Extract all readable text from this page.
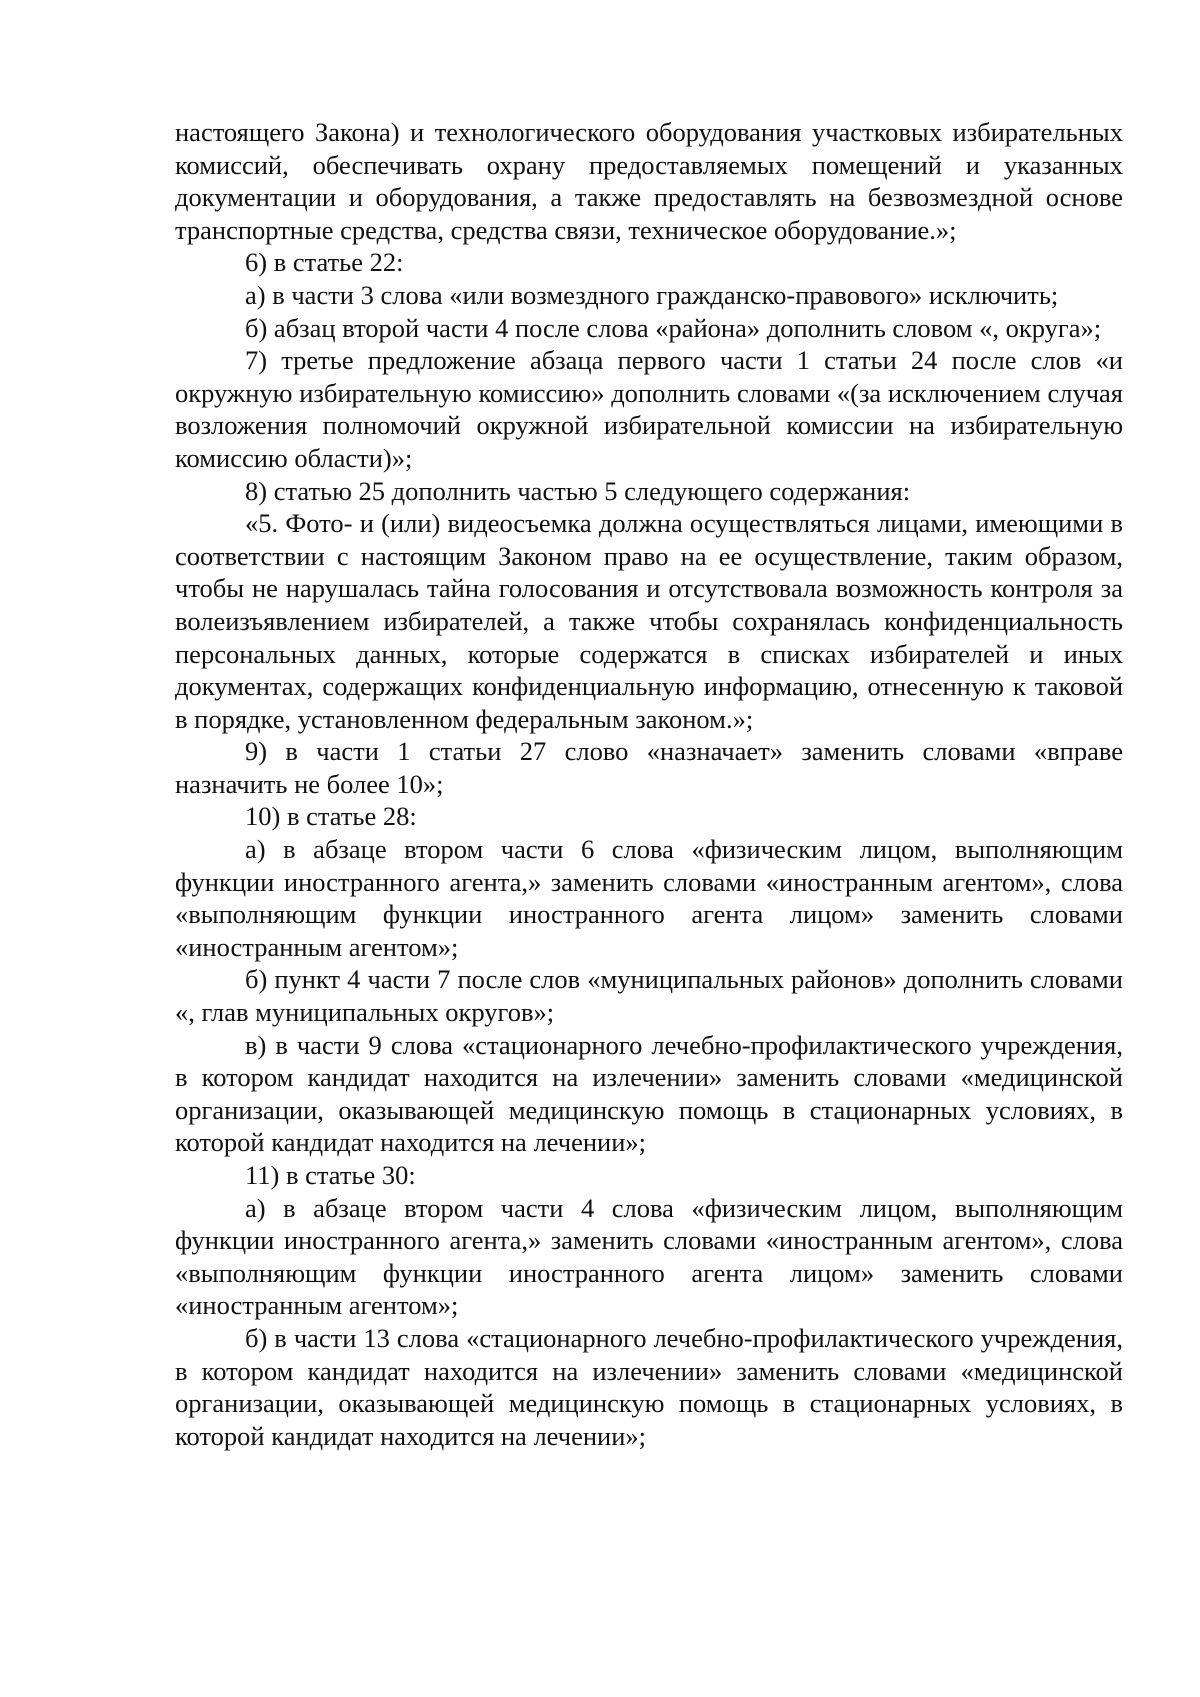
настоящего Закона) и технологического оборудования участковых избирательных комиссий, обеспечивать охрану предоставляемых помещений и указанных документации и оборудования, а также предоставлять на безвозмездной основе транспортные средства, средства связи, техническое оборудование.»;

6) в статье 22:

а) в части 3 слова «или возмездного гражданско-правового» исключить;

б) абзац второй части 4 после слова «района» дополнить словом «, округа»;

7) третье предложение абзаца первого части 1 статьи 24 после слов «и окружную избирательную комиссию» дополнить словами «(за исключением случая возложения полномочий окружной избирательной комиссии на избирательную комиссию области)»;

8) статью 25 дополнить частью 5 следующего содержания:

«5. Фото- и (или) видеосъемка должна осуществляться лицами, имеющими в соответствии с настоящим Законом право на ее осуществление, таким образом, чтобы не нарушалась тайна голосования и отсутствовала возможность контроля за волеизъявлением избирателей, а также чтобы сохранялась конфиденциальность персональных данных, которые содержатся в списках избирателей и иных документах, содержащих конфиденциальную информацию, отнесенную к таковой в порядке, установленном федеральным законом.»;

9) в части 1 статьи 27 слово «назначает» заменить словами «вправе назначить не более 10»;

10) в статье 28:

а) в абзаце втором части 6 слова «физическим лицом, выполняющим функции иностранного агента,» заменить словами «иностранным агентом», слова «выполняющим функции иностранного агента лицом» заменить словами «иностранным агентом»;

б) пункт 4 части 7 после слов «муниципальных районов» дополнить словами «, глав муниципальных округов»;

в) в части 9 слова «стационарного лечебно-профилактического учреждения, в котором кандидат находится на излечении» заменить словами «медицинской организации, оказывающей медицинскую помощь в стационарных условиях, в которой кандидат находится на лечении»;

11) в статье 30:

а) в абзаце втором части 4 слова «физическим лицом, выполняющим функции иностранного агента,» заменить словами «иностранным агентом», слова «выполняющим функции иностранного агента лицом» заменить словами «иностранным агентом»;

б) в части 13 слова «стационарного лечебно-профилактического учреждения, в котором кандидат находится на излечении» заменить словами «медицинской организации, оказывающей медицинскую помощь в стационарных условиях, в которой кандидат находится на лечении»;
